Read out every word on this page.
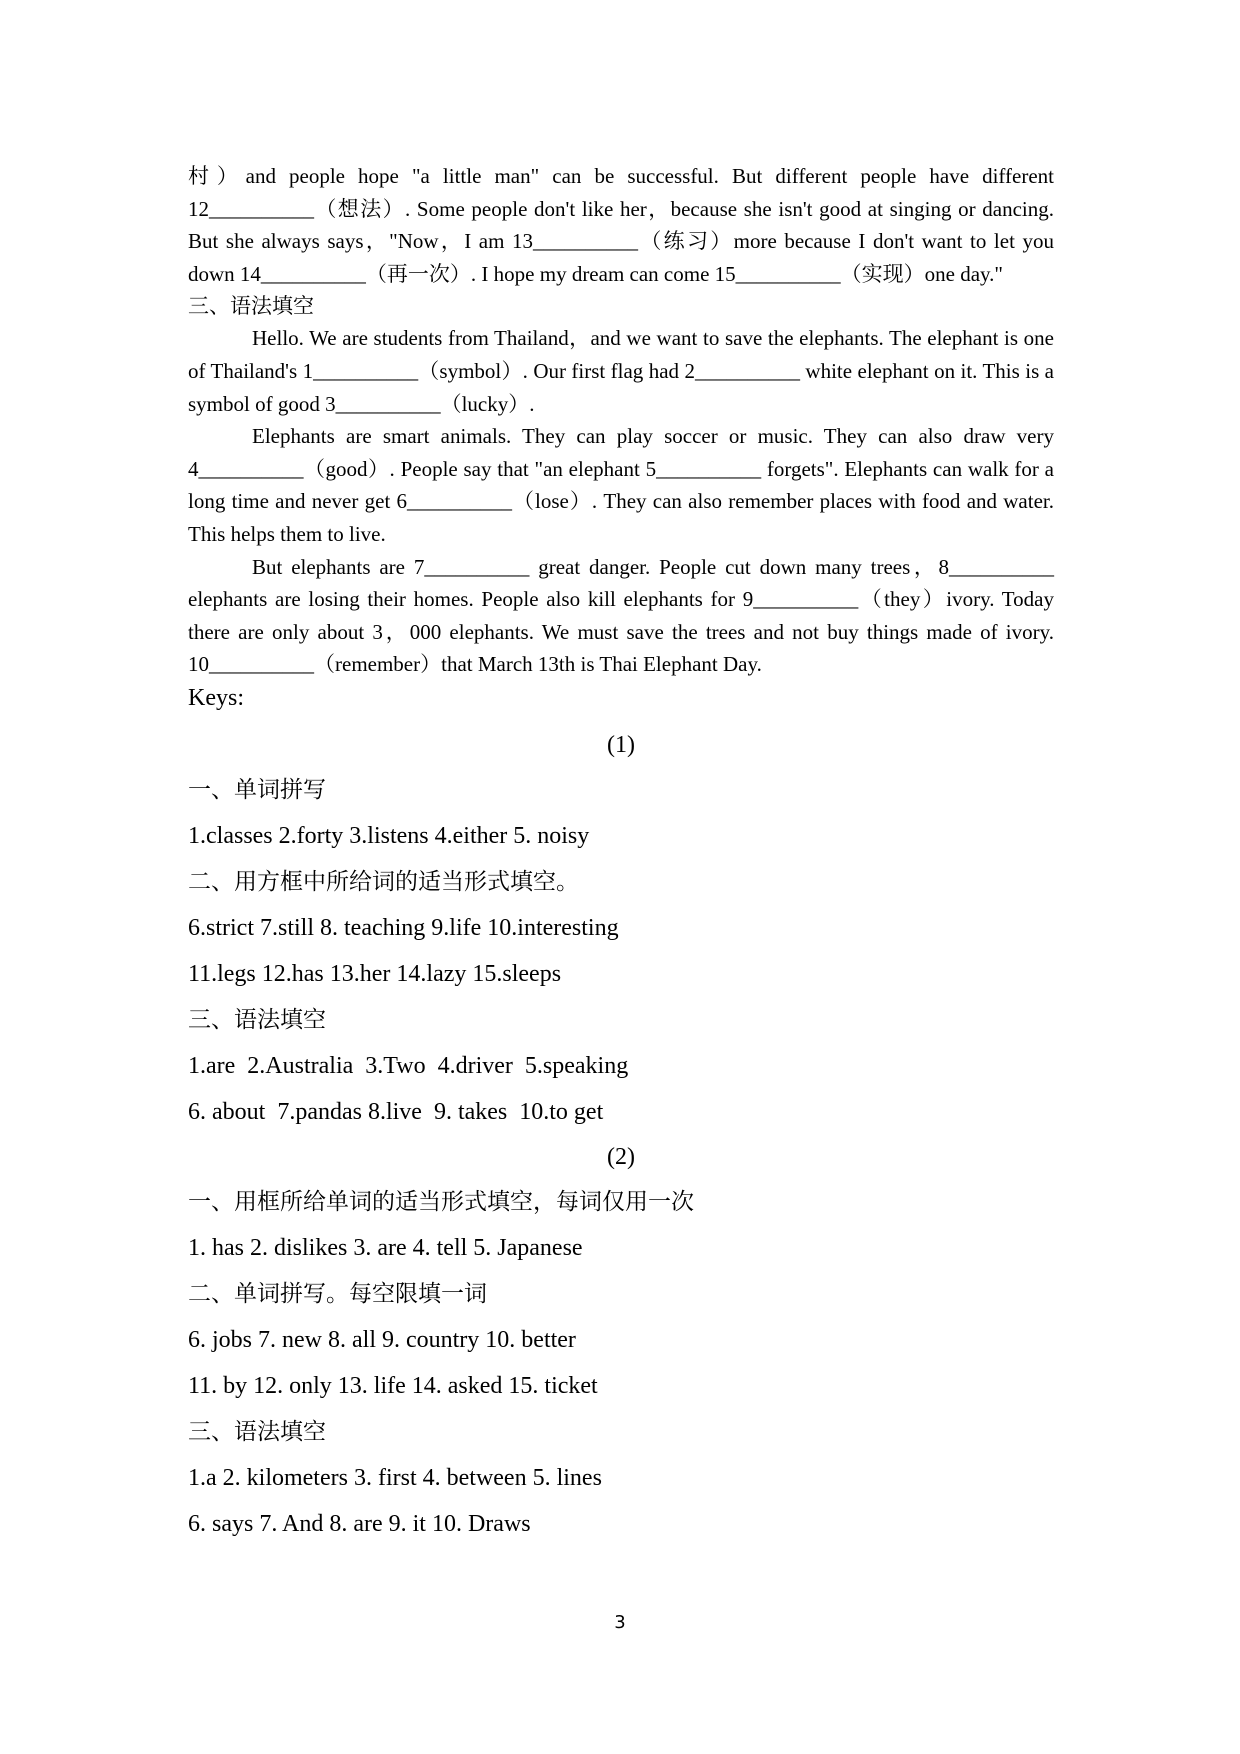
村）and people hope "a little man" can be successful. But different people have different 12__________（想法）. Some people don't like her，because she isn't good at singing or dancing. But she always says，"Now，I am 13__________（练习）more because I don't want to let you down 14__________（再一次）. I hope my dream can come 15__________（实现）one day."

三、语法填空

Hello. We are students from Thailand，and we want to save the elephants. The elephant is one of Thailand's 1__________（symbol）. Our first flag had 2__________ white elephant on it. This is a symbol of good 3__________（lucky）.

Elephants are smart animals. They can play soccer or music. They can also draw very 4__________（good）. People say that "an elephant 5__________ forgets". Elephants can walk for a long time and never get 6__________（lose）. They can also remember places with food and water. This helps them to live.

But elephants are 7__________ great danger. People cut down many trees，8__________ elephants are losing their homes. People also kill elephants for 9__________（they）ivory. Today there are only about 3，000 elephants. We must save the trees and not buy things made of ivory. 10__________（remember）that March 13th is Thai Elephant Day.

Keys:

(1)

一、单词拼写

1.classes 2.forty 3.listens 4.either 5. noisy

二、用方框中所给词的适当形式填空。

6.strict 7.still 8. teaching 9.life 10.interesting

11.legs 12.has 13.her 14.lazy 15.sleeps

三、语法填空

1.are  2.Australia  3.Two  4.driver  5.speaking

6. about  7.pandas 8.live  9. takes  10.to get

(2)

一、用框所给单词的适当形式填空，每词仅用一次

1. has 2. dislikes 3. are 4. tell 5. Japanese

二、单词拼写。每空限填一词

6. jobs 7. new 8. all 9. country 10. better

11. by 12. only 13. life 14. asked 15. ticket

三、语法填空

1.a 2. kilometers 3. first 4. between 5. lines

6. says 7. And 8. are 9. it 10. Draws

3
